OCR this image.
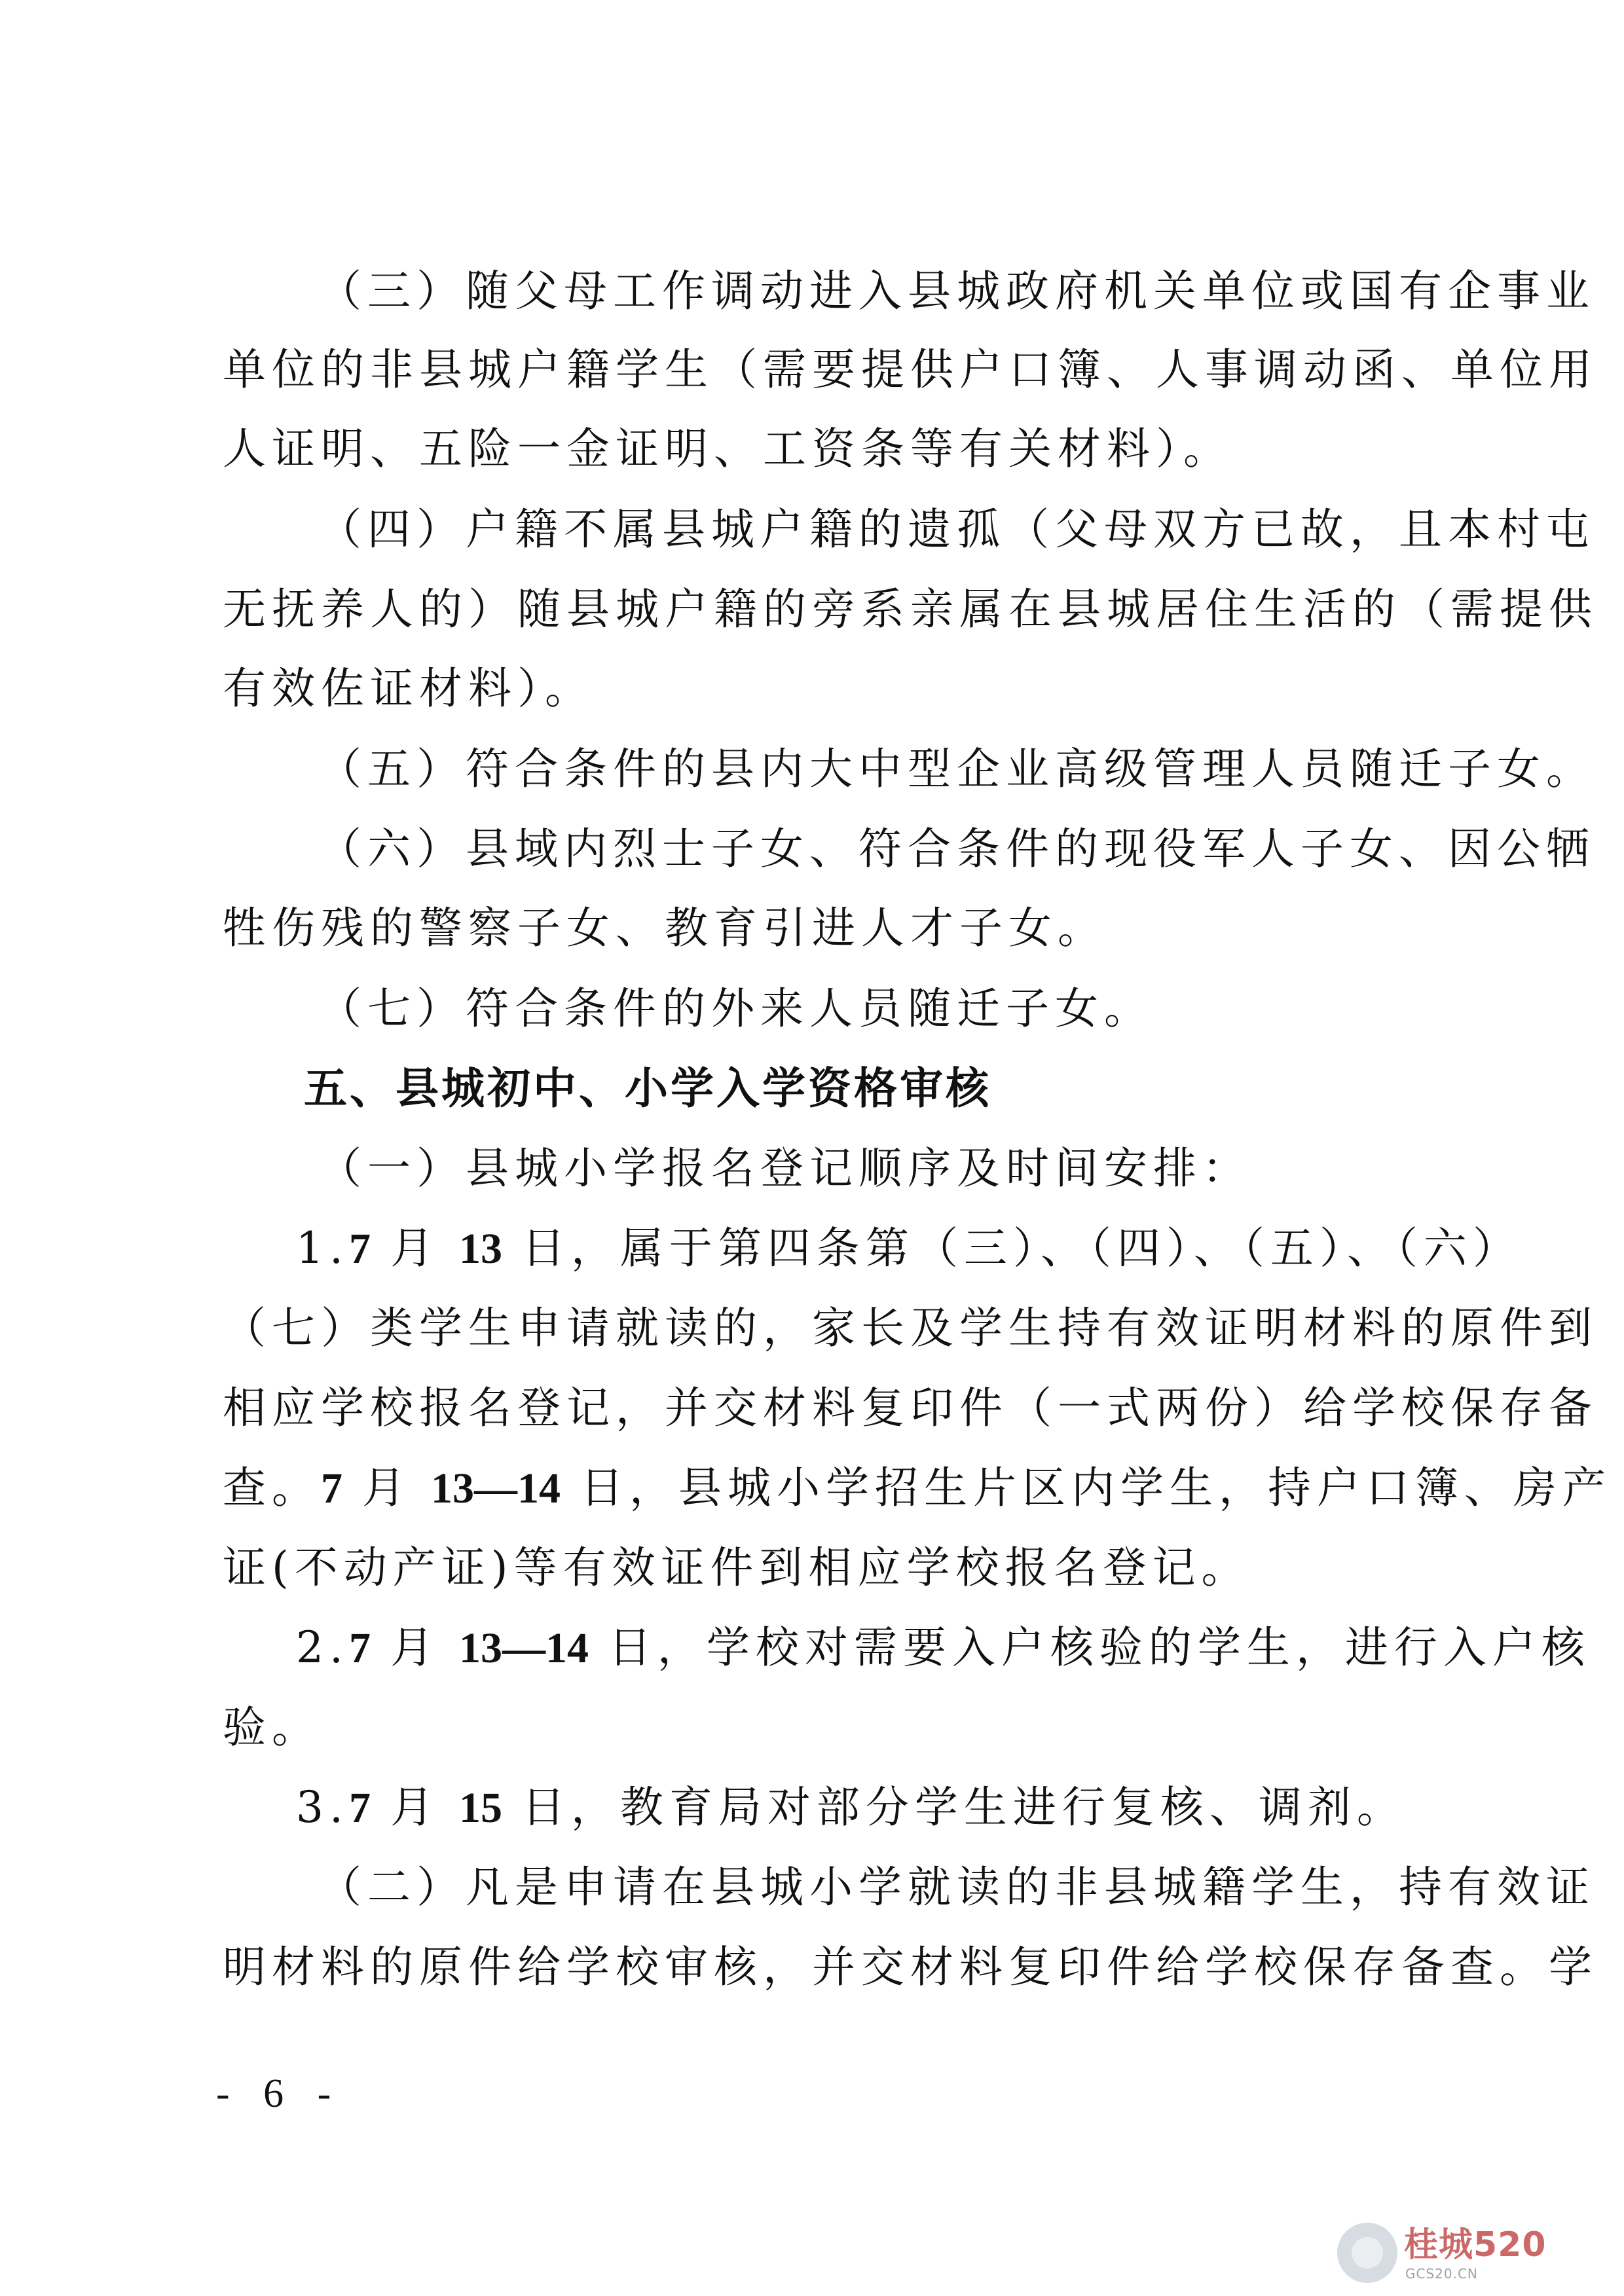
（三）随父母工作调动进入县城政府机关单位或国有企事业
单位的非县城户籍学生（需要提供户口簿、人事调动函、单位用
人证明、五险一金证明、工资条等有关材料）。
（四）户籍不属县城户籍的遗孤（父母双方已故，且本村屯
无抚养人的）随县城户籍的旁系亲属在县城居住生活的（需提供
有效佐证材料）。
（五）符合条件的县内大中型企业高级管理人员随迁子女。
（六）县域内烈士子女、符合条件的现役军人子女、因公牺
牲伤残的警察子女、教育引进人才子女。
（七）符合条件的外来人员随迁子女。
五、县城初中、小学入学资格审核
（一）县城小学报名登记顺序及时间安排：
1.7 月 13 日，属于第四条第（三）、（四）、（五）、（六）
（七）类学生申请就读的，家长及学生持有效证明材料的原件到
相应学校报名登记，并交材料复印件（一式两份）给学校保存备
查。7 月 13—14 日，县城小学招生片区内学生，持户口簿、房产
证(不动产证)等有效证件到相应学校报名登记。
2.7 月 13—14 日，学校对需要入户核验的学生，进行入户核
验。
3.7 月 15 日，教育局对部分学生进行复核、调剂。
（二）凡是申请在县城小学就读的非县城籍学生，持有效证
明材料的原件给学校审核，并交材料复印件给学校保存备查。学
- 6 -
桂城520
GCS20.CN
